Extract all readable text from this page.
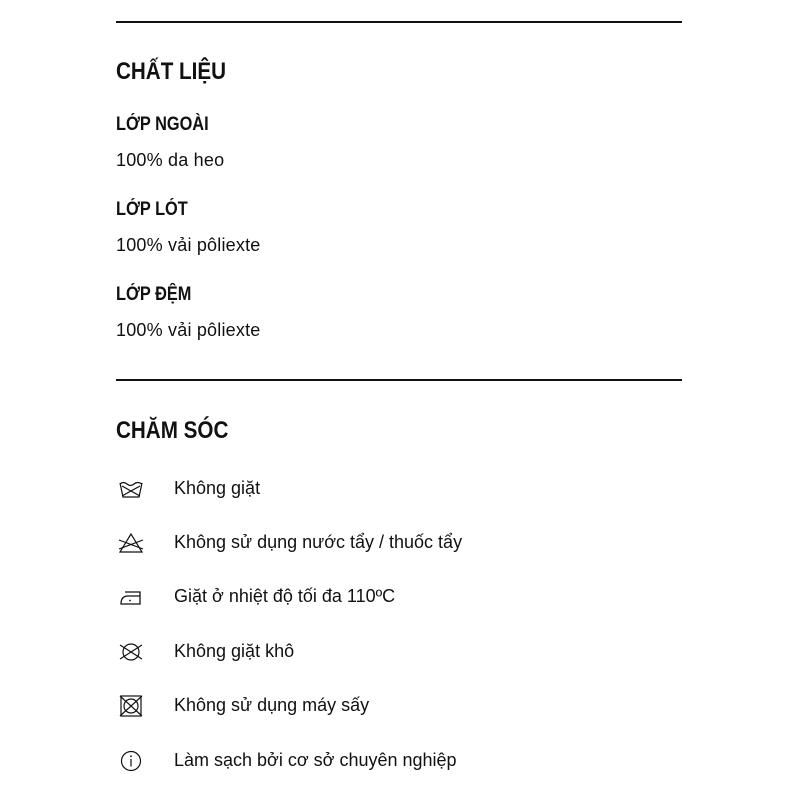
CHẤT LIỆU
LỚP NGOÀI

100% da heo

LỚP LÓT

100% vải pôliexte

LỚP ĐỆM

100% vải pôliexte

CHĂM SÓC
Không giặt
Không sử dụng nước tẩy / thuốc tẩy
Giặt ở nhiệt độ tối đa 110ºC
Không giặt khô
Không sử dụng máy sấy
Làm sạch bởi cơ sở chuyên nghiệp
